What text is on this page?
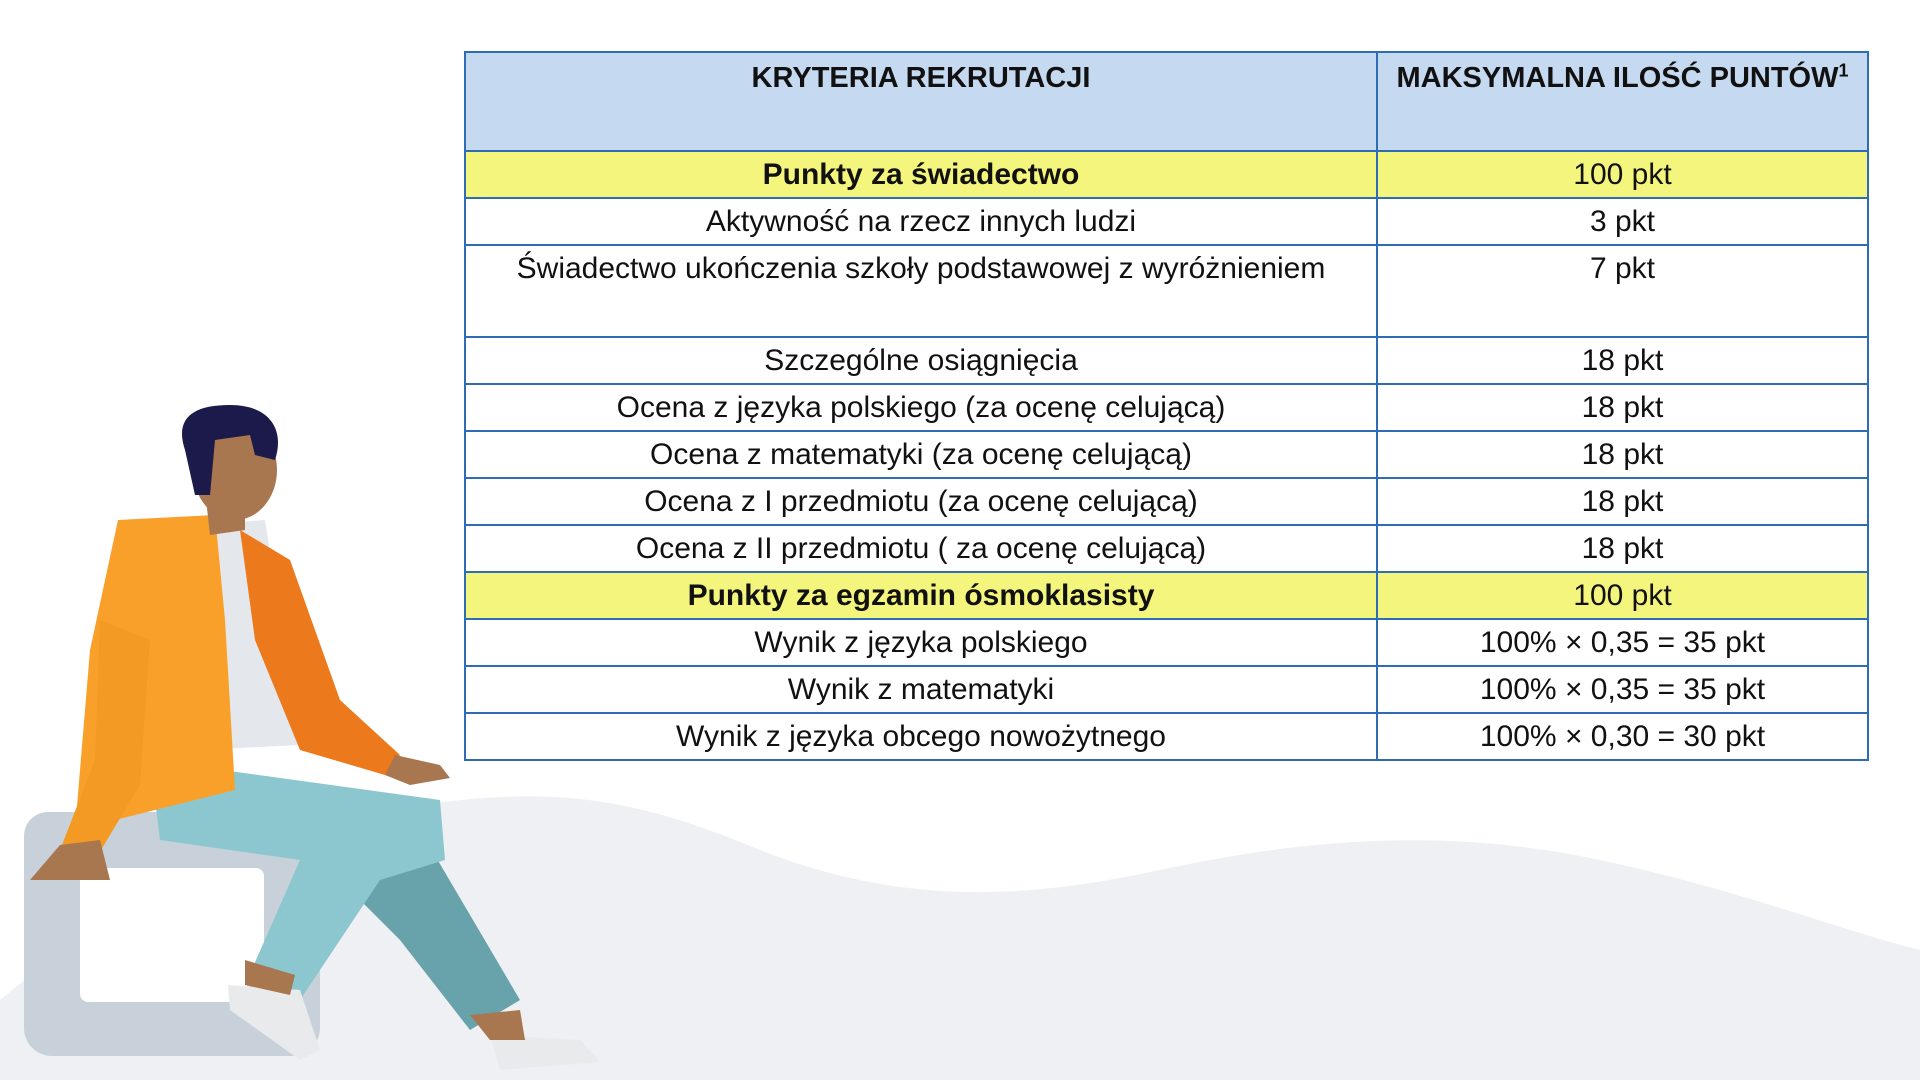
KRYTERIA REKRUTACJI	MAKSYMALNA ILOŚĆ PUNTÓW$^1$
Punkty za świadectwo	100 pkt
Aktywność na rzecz innych ludzi	3 pkt
Świadectwo ukończenia szkoły podstawowej z wyróżnieniem	7 pkt
Szczególne osiągnięcia	18 pkt
Ocena z języka polskiego (za ocenę celującą)	18 pkt
Ocena z matematyki (za ocenę celującą)	18 pkt
Ocena z I przedmiotu (za ocenę celującą)	18 pkt
Ocena z II przedmiotu ( za ocenę celującą)	18 pkt
Punkty za egzamin ósmoklasisty	100 pkt
Wynik z języka polskiego	100% × 0,35 = 35 pkt
Wynik z matematyki	100% × 0,35 = 35 pkt
Wynik z języka obcego nowożytnego	100% × 0,30 = 30 pkt
